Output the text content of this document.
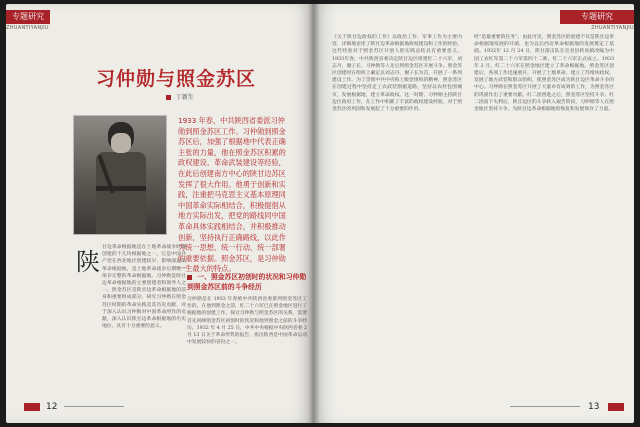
专题研究
ZHUANTIYANJIU
习仲勋与照金苏区
丁新生
1933 年春，中共陕西省委派习仲勋到照金苏区工作。习仲勋到照金苏区后，加强了根据地中代表正确主张的力量，他在照金苏区积累的政权建设、革命武装建设等经验，在此后创建南方中心的陕甘边苏区发挥了很大作用。他勇于创新和实践，注重把马克思主义基本原理同中国革命实际相结合，积极提倡从地方实际出发，把党的路线同中国革命具体实践相结合，并积极推动创新，坚持执行正确路线，以此作为统一思想、统一行动、统一部署的重要依据。照金苏区，是习仲勋一生最大的特点。
陕
甘边革命根据地是在土地革命战争时期创建的十几块根据地之一，它是中国共产党在西北地区创建较早、影响深远的革命根据地，是土地革命战争后期唯一保存完整的革命根据地。习仲勋是陕甘边革命根据地的主要创建者和领导人之一。照金苏区是陕甘边革命根据地的前身和重要组成部分。研究习仲勋在照金苏区时期的革命实践及其历史贡献，对于深入认识习仲勋对中国革命所作的贡献，深入认识陕甘边革命根据地的历史地位，具有十分重要的意义。
一、照金苏区初创时的状况和习仲勋到照金苏区前的斗争经历
习仲勋是在 1933 年春被中共陕西省委派到照金苏区工作的。在他到照金之前，红二十六军已在照金地区进行了根据地的创建工作。探讨习仲勋与照金苏区的关系，需要首先回顾照金苏区初创时的状况和他到照金之前的斗争经历。1932 年 4 月 25 日，中共中央根据中央陕西省委 2 月 13 日关于革命形势的报告，指出陕西是中国革命运动中发展较快的省份之一。
12
专题研究
ZHUANTIYANJIU
《关于陕甘边政权的工作》以政治工作、军事工作为主要内容，详细地论述了陕甘边革命根据地政权建设和工作的经验。这些经验对于照金苏区开创人的实践总结具有重要意义。1933年春，中共陕西省委决定陕甘边区组建红二十六军，刘志丹、谢子长、习仲勋等人先后到照金苏区开展斗争。照金苏区创建时在组织上确定以刘志丹、谢子长为首，开展了一系列建设工作。为了贯彻中共中央和上级党组织的精神，照金苏区在创建过程中坚持走工农武装割据道路，坚持以农村包围城市，发展根据地，建立革命政权。这一时期，习仲勋主持陕甘边区政府工作，在工作中积累了丰富的政权建设经验，对于照金苏区的巩固和发展起了十分重要的作用。
经“是最重要的任务”。由此可见，照金苏区的创建不仅是陕甘边革命根据地发展的开端，也为以后西北革命根据地的发展奠定了基础。1932年 12 月 24 日，陕甘游击队在宜君县转角镇改编为中国工农红军第二十六军第四十二师，红二十六军正式成立。1933年 2 月，红二十六军在照金地区建立了革命根据地。照金苏区创建后，各项工作迅速展开，开展了土地革命，建立了苏维埃政权，发展了地方武装和群众组织，使照金苏区成为陕甘边区革命斗争的中心。习仲勋在照金苏区开展了大量卓有成效的工作，为照金苏区的巩固作出了重要贡献。红二团西进之后，照金苏区坚持斗争。红二团南下失利后，陕甘边区的斗争转入艰苦阶段，习仲勋等人在照金地区坚持斗争，为陕甘边革命根据地的恢复和发展保存了力量。
13
